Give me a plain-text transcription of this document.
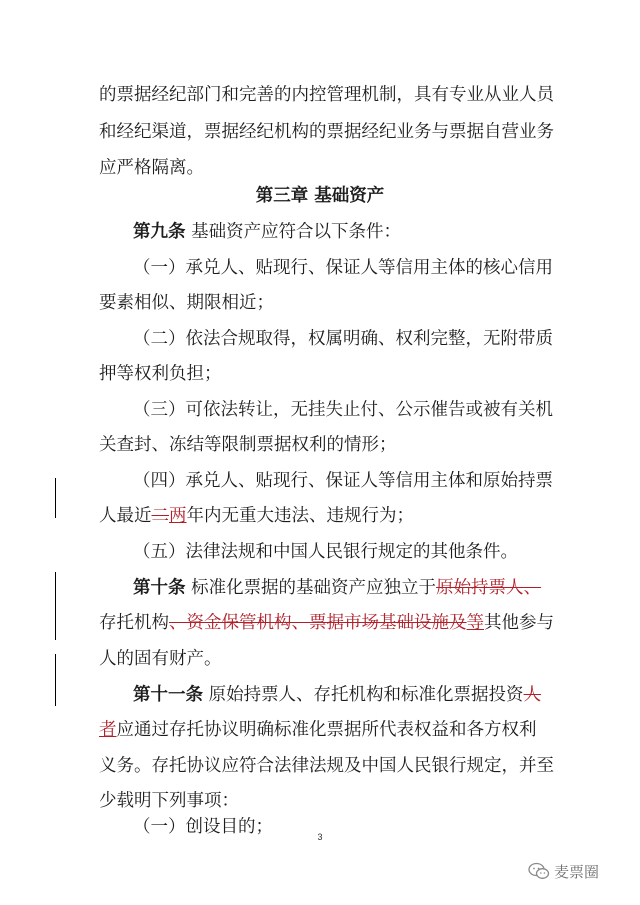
的票据经纪部门和完善的内控管理机制，具有专业从业人员
和经纪渠道，票据经纪机构的票据经纪业务与票据自营业务
应严格隔离。
第三章 基础资产
第九条 基础资产应符合以下条件：
（一）承兑人、贴现行、保证人等信用主体的核心信用
要素相似、期限相近；
（二）依法合规取得，权属明确、权利完整，无附带质
押等权利负担；
（三）可依法转让，无挂失止付、公示催告或被有关机
关查封、冻结等限制票据权利的情形；
（四）承兑人、贴现行、保证人等信用主体和原始持票
人最近二两年内无重大违法、违规行为；
（五）法律法规和中国人民银行规定的其他条件。
第十条 标准化票据的基础资产应独立于原始持票人、
存托机构、资金保管机构、票据市场基础设施及等其他参与
人的固有财产。
第十一条 原始持票人、存托机构和标准化票据投资人
者应通过存托协议明确标准化票据所代表权益和各方权利
义务。存托协议应符合法律法规及中国人民银行规定，并至
少载明下列事项：
（一）创设目的；	3
麦票圈
